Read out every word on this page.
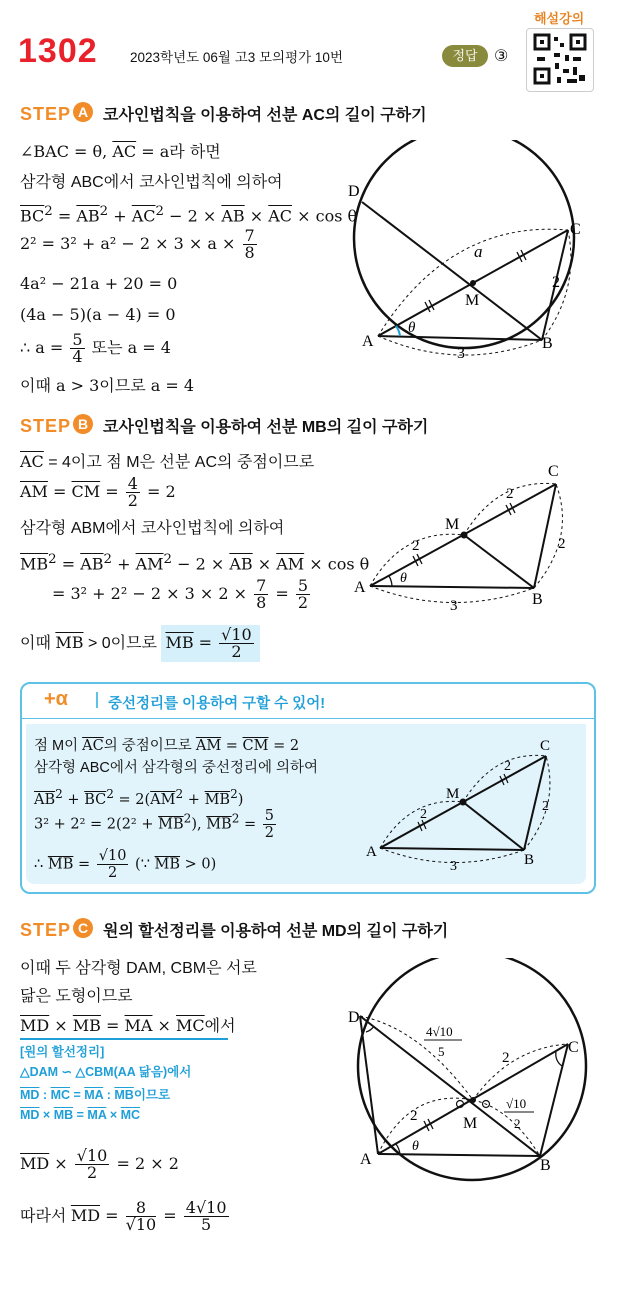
1302 2023학년도 06월 고3 모의평가 10번	정답	③
해설강의
STEP A 코사인법칙을 이용하여 선분 AC의 길이 구하기
∠BAC = θ, $\overline{AC} = a$라 하면
삼각형 ABC에서 코사인법칙에 의하여
$\overline{BC}^2 = \overline{AB}^2 + \overline{AC}^2 - 2 \times \overline{AB} \times \overline{AC} \times \cos \theta$
$2^2 = 3^2 + a^2 - 2 \times 3 \times a \times \frac{7}{8}$
4a² − 21a + 20 = 0
(4a − 5)(a − 4) = 0
∴ $a = \frac{5}{4}$ 또는 a = 4
이때 a > 3이므로 a = 4
A	B
C
D
M
a
2
3
θ
STEP B 코사인법칙을 이용하여 선분 MB의 길이 구하기
$\overline{AC} = 4$이고 점 M은 선분 AC의 중점이므로
$\overline{AM} = \overline{CM} = \frac{4}{2} = 2$
삼각형 ABM에서 코사인법칙에 의하여
$\overline{MB}^2 = \overline{AB}^2 + \overline{AM}^2 - 2 \times \overline{AB} \times \overline{AM} \times \cos \theta$
= $3^2 + 2^2 - 2 \times 3 \times 2 \times \frac{7}{8} = \frac{5}{2}$
이때 $\overline{MB} > 0$이므로 $\overline{MB} = \frac{√10}{2}$
A
B
C
M
2
2
2
3
θ
+α	중선정리를 이용하여 구할 수 있어!
점 M이 $\overline{AC}$의 중점이므로 $\overline{AM} = \overline{CM} = 2$
삼각형 ABC에서 삼각형의 중선정리에 의하여
$\overline{AB}^2 + \overline{BC}^2 = 2(\overline{AM}^2 + \overline{MB}^2)$
$3^2 + 2^2 = 2(2^2 + \overline{MB}^2)$, $\overline{MB}^2 = \frac{5}{2}$
∴ $\overline{MB} = \frac{√10}{2}$ (∵ $\overline{MB} > 0$)
A	B
C
M
2
2
2
3
STEP C 원의 할선정리를 이용하여 선분 MD의 길이 구하기
이때 두 삼각형 DAM, CBM은 서로
닮은 도형이므로
$\overline{MD} \times \overline{MB} = \overline{MA} \times \overline{MC}$에서
[원의 할선정리]
△DAM ∽ △CBM(AA 닮음)에서
$\overline{MD}$ : $\overline{MC} = \overline{MA}$ : $\overline{MB}$이므로
$\overline{MD} \times \overline{MB} = \overline{MA} \times \overline{MC}$
$\overline{MD} \times \frac{√10}{2} = 2 \times 2$
따라서 $\overline{MD} = \frac{8}{√10} = \frac{4√10}{5}$
A	B
C
D
M
2
2
θ
4√10
5
√10
2
